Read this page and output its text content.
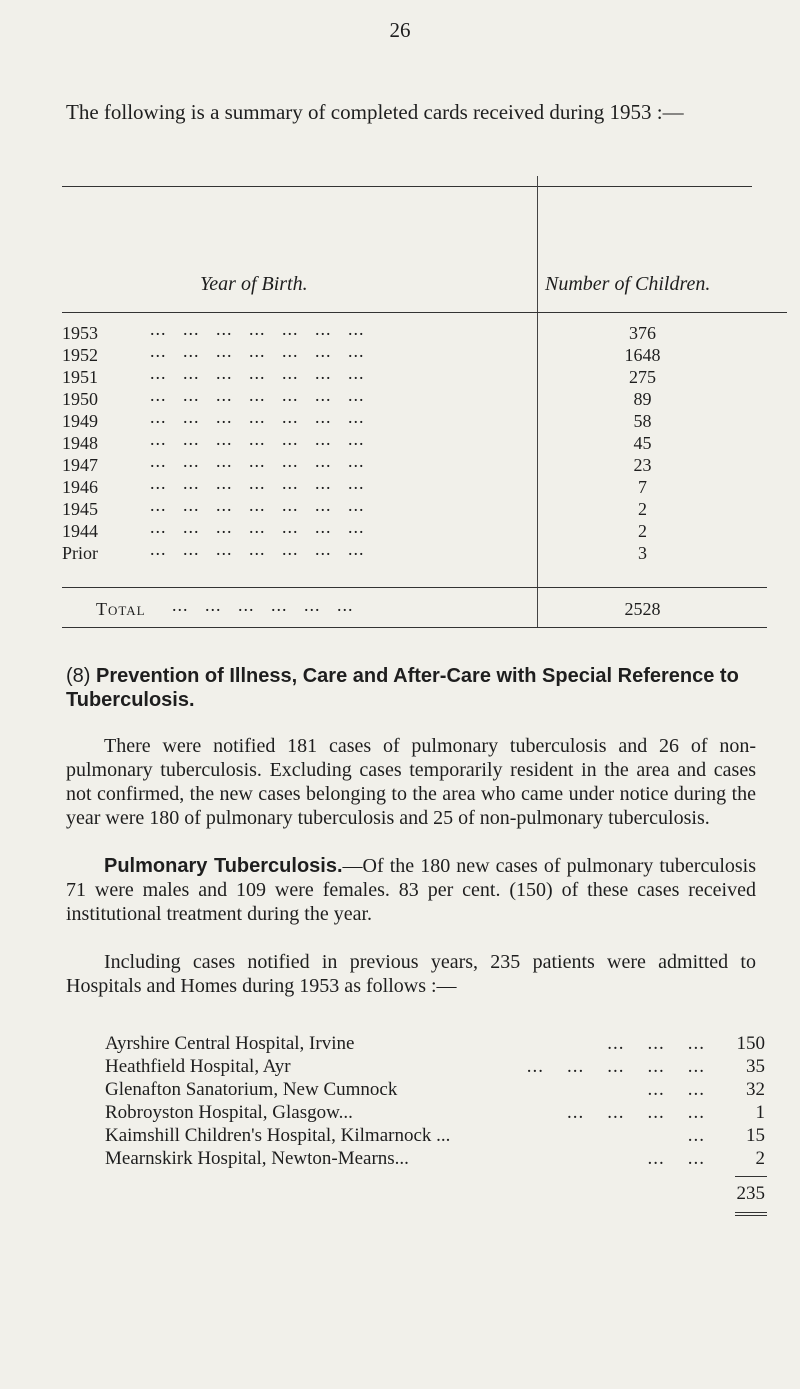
26
The following is a summary of completed cards received during 1953 :—
Year of Birth.	Number of Children.
1953	...   ...   ...   ...   ...   ...   ...	376
1952	...   ...   ...   ...   ...   ...   ...	1648
1951	...   ...   ...   ...   ...   ...   ...	275
1950	...   ...   ...   ...   ...   ...   ...	89
1949	...   ...   ...   ...   ...   ...   ...	58
1948	...   ...   ...   ...   ...   ...   ...	45
1947	...   ...   ...   ...   ...   ...   ...	23
1946	...   ...   ...   ...   ...   ...   ...	7
1945	...   ...   ...   ...   ...   ...   ...	2
1944	...   ...   ...   ...   ...   ...   ...	2
Prior	...   ...   ...   ...   ...   ...   ...	3
Total ...   ...   ...   ...   ...   ...	2528
(8) Prevention of Illness, Care and After-Care with Special Reference to Tuberculosis.
There were notified 181 cases of pulmonary tuberculosis and 26 of non-pulmonary tuberculosis. Excluding cases temporarily resident in the area and cases not confirmed, the new cases belonging to the area who came under notice during the year were 180 of pulmonary tuberculosis and 25 of non-pulmonary tuberculosis.
Pulmonary Tuberculosis.—Of the 180 new cases of pulmonary tuberculosis 71 were males and 109 were females. 83 per cent. (150) of these cases received institutional treatment during the year.
Including cases notified in previous years, 235 patients were admitted to Hospitals and Homes during 1953 as follows :—
Ayrshire Central Hospital, Irvine	...    ...    ...	150
Heathfield Hospital, Ayr	...    ...    ...    ...    ...	35
Glenafton Sanatorium, New Cumnock	...    ...	32
Robroyston Hospital, Glasgow...	...    ...    ...    ...	1
Kaimshill Children's Hospital, Kilmarnock ...	...	15
Mearnskirk Hospital, Newton-Mearns...	...    ...	2
235
